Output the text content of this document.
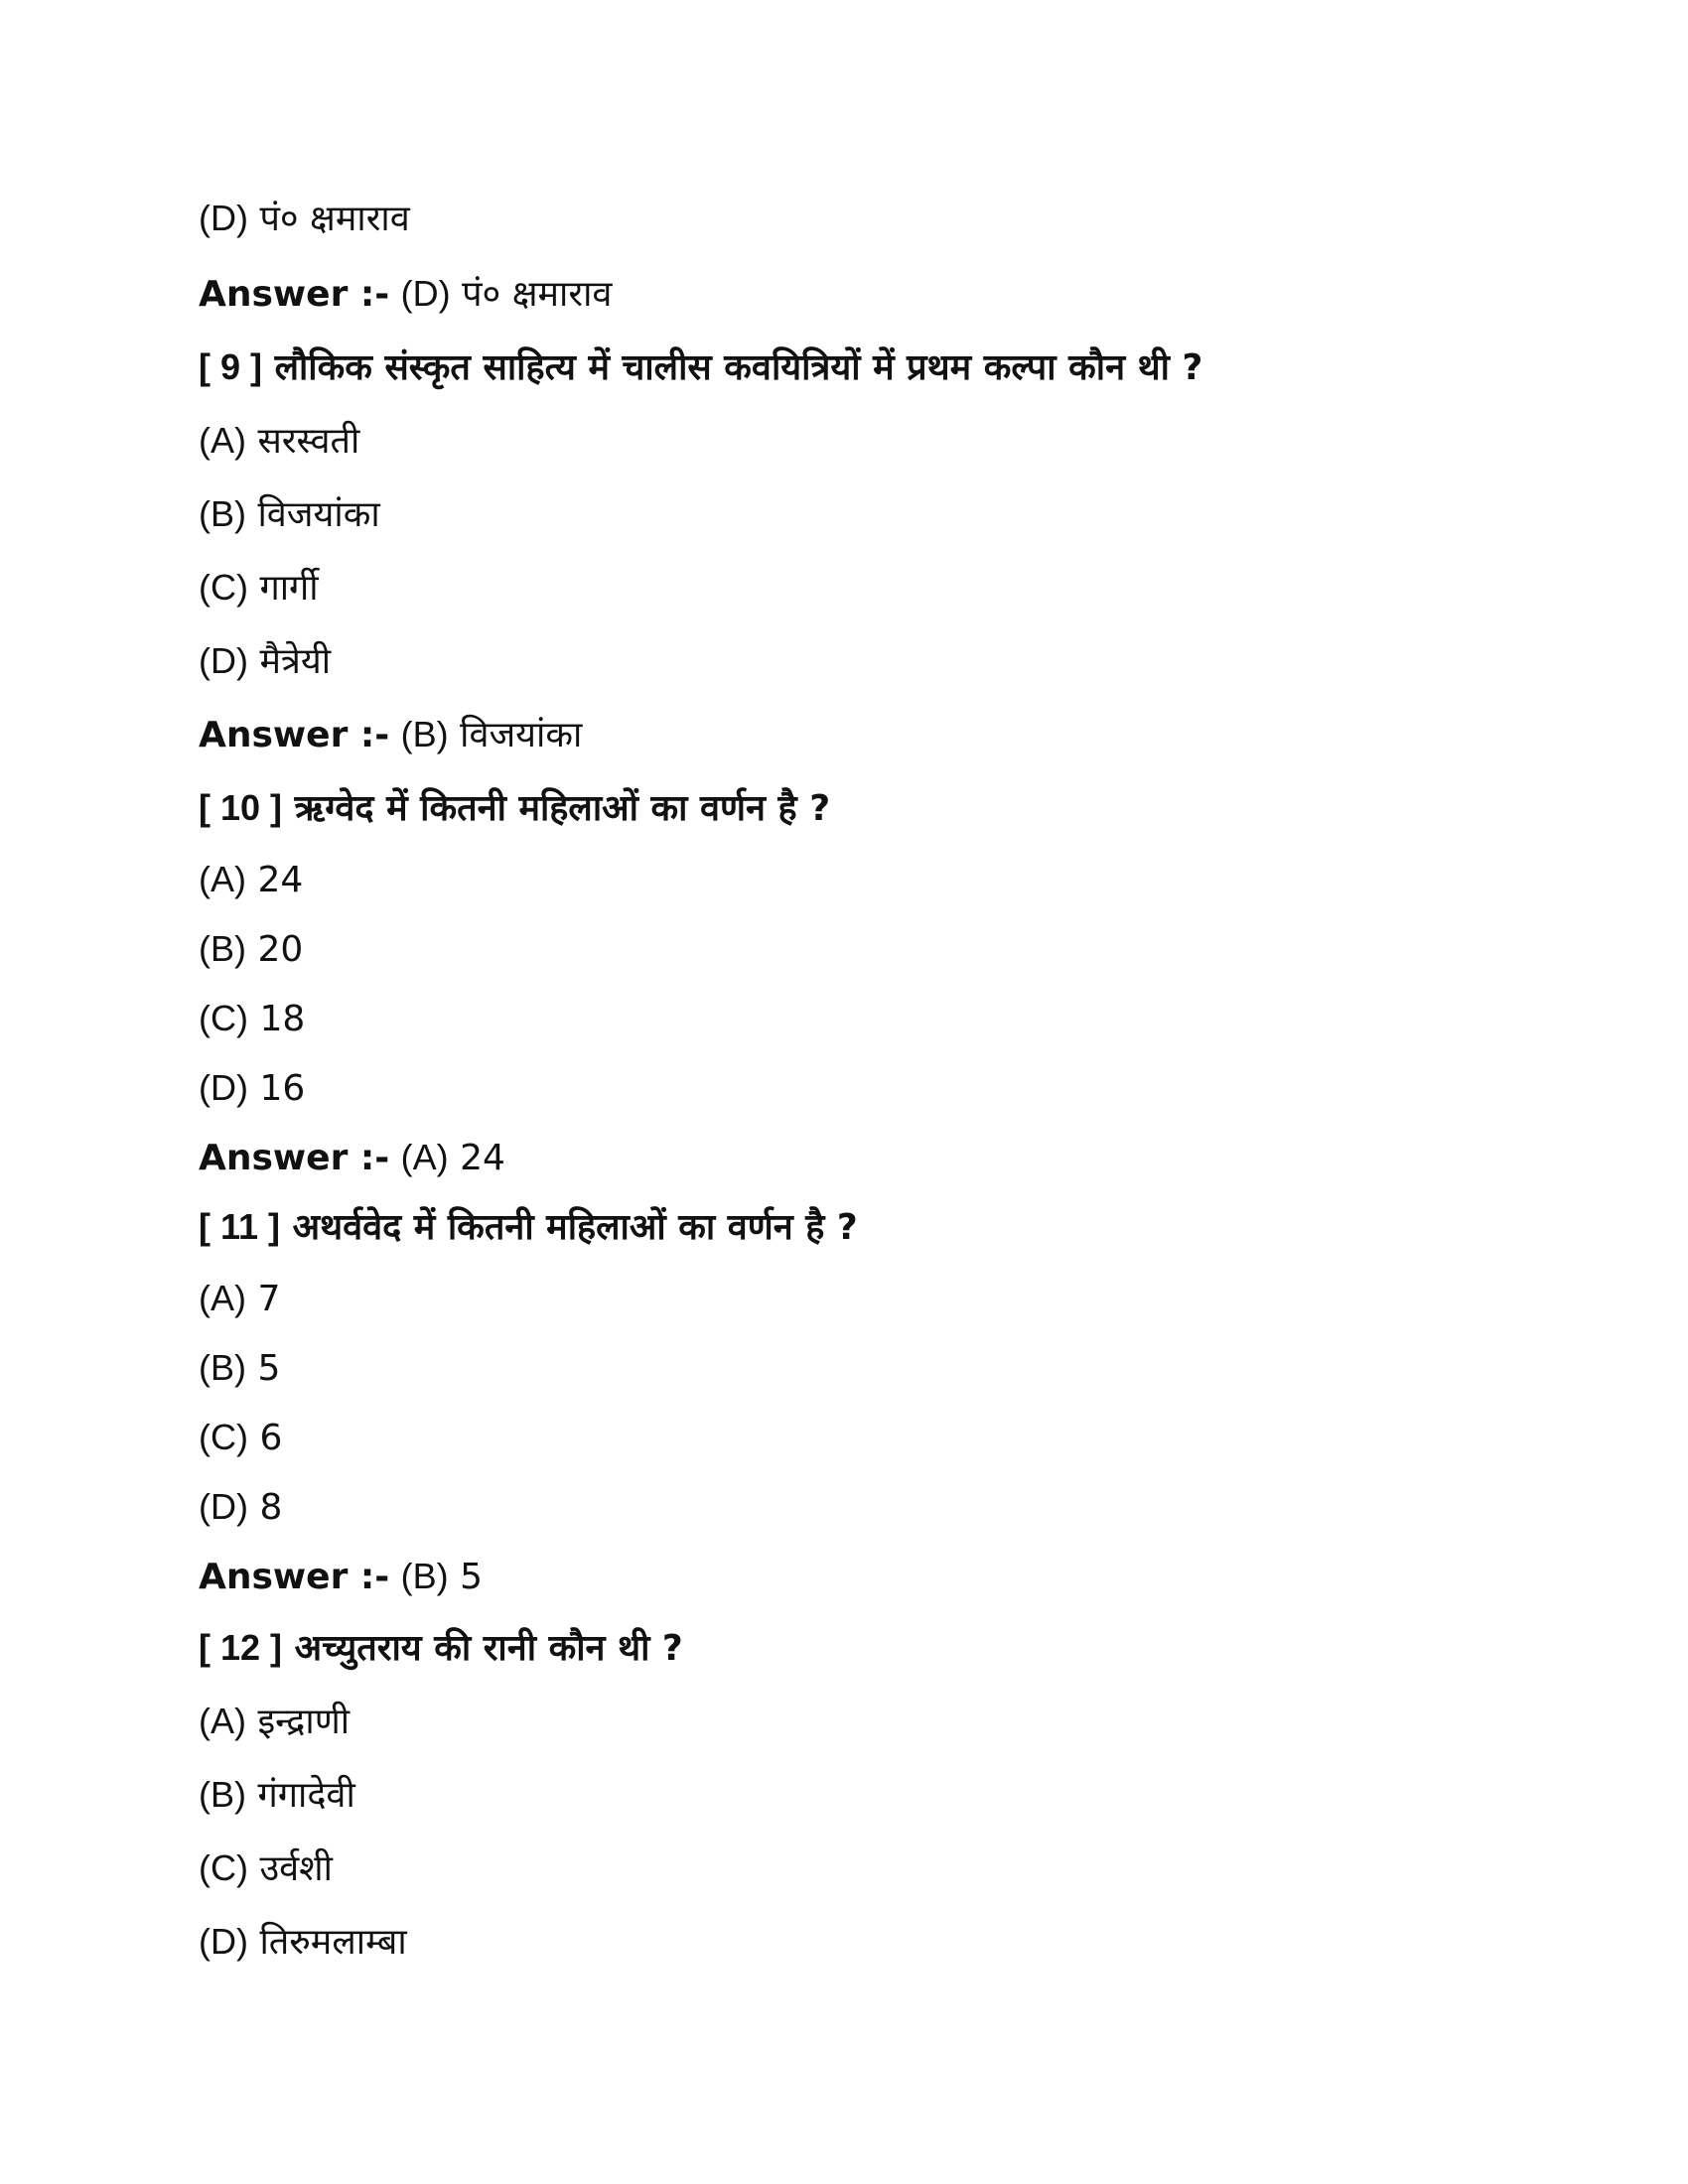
(D) पं० क्षमाराव
Answer :- (D) पं० क्षमाराव
[ 9 ] लौकिक संस्कृत साहित्य में चालीस कवयित्रियों में प्रथम कल्पा कौन थी ?
(A) सरस्वती
(B) विजयांका
(C) गार्गी
(D) मैत्रेयी
Answer :- (B) विजयांका
[ 10 ] ऋग्वेद में कितनी महिलाओं का वर्णन है ?
(A) 24
(B) 20
(C) 18
(D) 16
Answer :- (A) 24
[ 11 ] अथर्ववेद में कितनी महिलाओं का वर्णन है ?
(A) 7
(B) 5
(C) 6
(D) 8
Answer :- (B) 5
[ 12 ] अच्युतराय की रानी कौन थी ?
(A) इन्द्राणी
(B) गंगादेवी
(C) उर्वशी
(D) तिरुमलाम्बा
